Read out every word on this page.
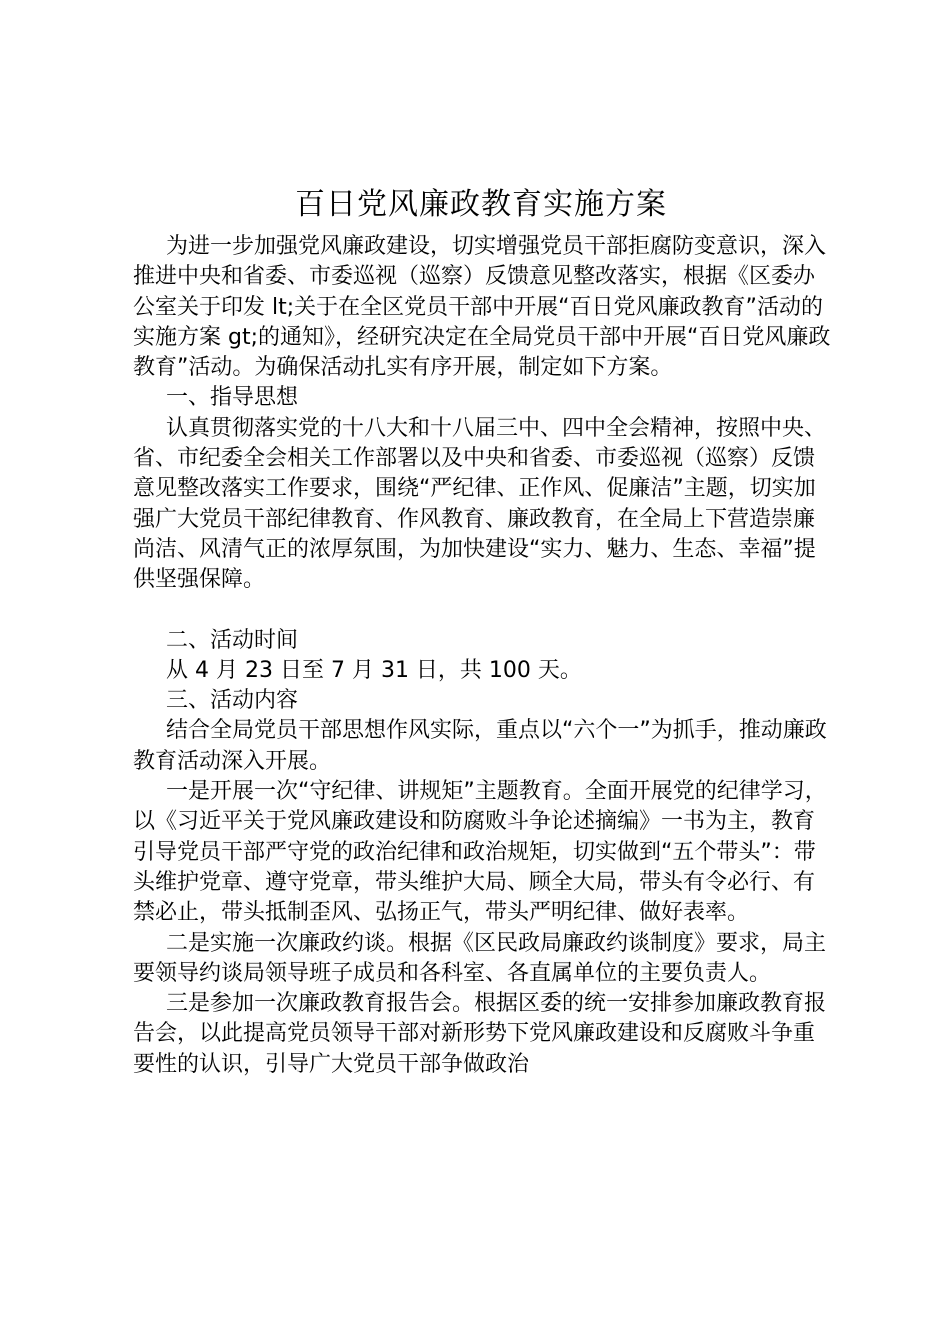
百日党风廉政教育实施方案

为进一步加强党风廉政建设，切实增强党员干部拒腐防变意识，深入推进中央和省委、市委巡视（巡察）反馈意见整改落实，根据《区委办公室关于印发 lt;关于在全区党员干部中开展“百日党风廉政教育”活动的实施方案 gt;的通知》，经研究决定在全局党员干部中开展“百日党风廉政教育”活动。为确保活动扎实有序开展，制定如下方案。

一、指导思想

认真贯彻落实党的十八大和十八届三中、四中全会精神，按照中央、省、市纪委全会相关工作部署以及中央和省委、市委巡视（巡察）反馈意见整改落实工作要求，围绕“严纪律、正作风、促廉洁”主题，切实加强广大党员干部纪律教育、作风教育、廉政教育，在全局上下营造崇廉尚洁、风清气正的浓厚氛围，为加快建设“实力、魅力、生态、幸福”提供坚强保障。

二、活动时间

从 4 月 23 日至 7 月 31 日，共 100 天。

三、活动内容

结合全局党员干部思想作风实际，重点以“六个一”为抓手，推动廉政教育活动深入开展。

一是开展一次“守纪律、讲规矩”主题教育。全面开展党的纪律学习，以《习近平关于党风廉政建设和防腐败斗争论述摘编》一书为主，教育引导党员干部严守党的政治纪律和政治规矩，切实做到“五个带头”：带头维护党章、遵守党章，带头维护大局、顾全大局，带头有令必行、有禁必止，带头抵制歪风、弘扬正气，带头严明纪律、做好表率。

二是实施一次廉政约谈。根据《区民政局廉政约谈制度》要求，局主要领导约谈局领导班子成员和各科室、各直属单位的主要负责人。

三是参加一次廉政教育报告会。根据区委的统一安排参加廉政教育报告会，以此提高党员领导干部对新形势下党风廉政建设和反腐败斗争重要性的认识，引导广大党员干部争做政治
